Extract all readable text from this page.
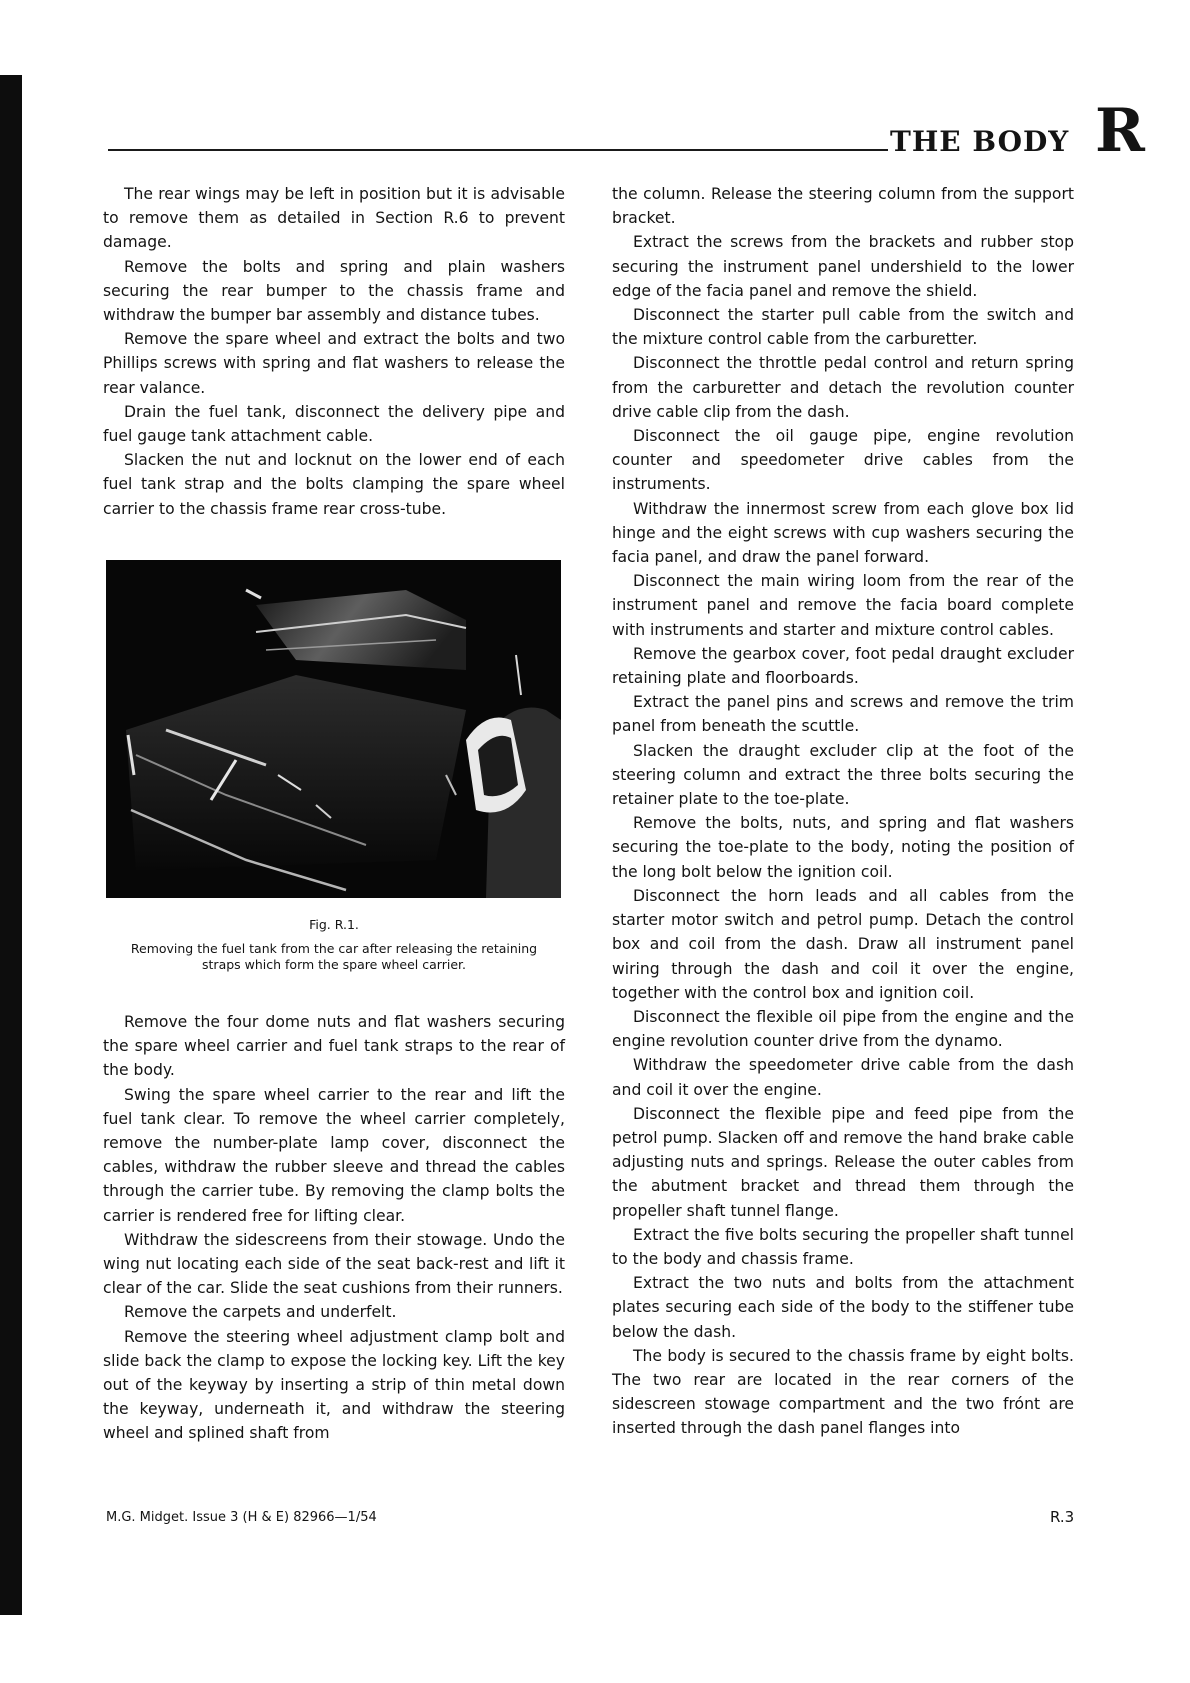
THE BODY R

The rear wings may be left in position but it is advisable to remove them as detailed in Section R.6 to prevent damage.

Remove the bolts and spring and plain washers securing the rear bumper to the chassis frame and withdraw the bumper bar assembly and distance tubes.

Remove the spare wheel and extract the bolts and two Phillips screws with spring and flat washers to release the rear valance.

Drain the fuel tank, disconnect the delivery pipe and fuel gauge tank attachment cable.

Slacken the nut and locknut on the lower end of each fuel tank strap and the bolts clamping the spare wheel carrier to the chassis frame rear cross-tube.

Fig. R.1.
Removing the fuel tank from the car after releasing the retaining straps which form the spare wheel carrier.

Remove the four dome nuts and flat washers securing the spare wheel carrier and fuel tank straps to the rear of the body.

Swing the spare wheel carrier to the rear and lift the fuel tank clear. To remove the wheel carrier completely, remove the number-plate lamp cover, disconnect the cables, withdraw the rubber sleeve and thread the cables through the carrier tube. By removing the clamp bolts the carrier is rendered free for lifting clear.

Withdraw the sidescreens from their stowage. Undo the wing nut locating each side of the seat back-rest and lift it clear of the car. Slide the seat cushions from their runners.

Remove the carpets and underfelt.

Remove the steering wheel adjustment clamp bolt and slide back the clamp to expose the locking key. Lift the key out of the keyway by inserting a strip of thin metal down the keyway, underneath it, and withdraw the steering wheel and splined shaft from

the column. Release the steering column from the support bracket.

Extract the screws from the brackets and rubber stop securing the instrument panel undershield to the lower edge of the facia panel and remove the shield.

Disconnect the starter pull cable from the switch and the mixture control cable from the carburetter.

Disconnect the throttle pedal control and return spring from the carburetter and detach the revolution counter drive cable clip from the dash.

Disconnect the oil gauge pipe, engine revolution counter and speedometer drive cables from the instruments.

Withdraw the innermost screw from each glove box lid hinge and the eight screws with cup washers securing the facia panel, and draw the panel forward.

Disconnect the main wiring loom from the rear of the instrument panel and remove the facia board complete with instruments and starter and mixture control cables.

Remove the gearbox cover, foot pedal draught excluder retaining plate and floorboards.

Extract the panel pins and screws and remove the trim panel from beneath the scuttle.

Slacken the draught excluder clip at the foot of the steering column and extract the three bolts securing the retainer plate to the toe-plate.

Remove the bolts, nuts, and spring and flat washers securing the toe-plate to the body, noting the position of the long bolt below the ignition coil.

Disconnect the horn leads and all cables from the starter motor switch and petrol pump. Detach the control box and coil from the dash. Draw all instrument panel wiring through the dash and coil it over the engine, together with the control box and ignition coil.

Disconnect the flexible oil pipe from the engine and the engine revolution counter drive from the dynamo.

Withdraw the speedometer drive cable from the dash and coil it over the engine.

Disconnect the flexible pipe and feed pipe from the petrol pump. Slacken off and remove the hand brake cable adjusting nuts and springs. Release the outer cables from the abutment bracket and thread them through the propeller shaft tunnel flange.

Extract the five bolts securing the propeller shaft tunnel to the body and chassis frame.

Extract the two nuts and bolts from the attachment plates securing each side of the body to the stiffener tube below the dash.

The body is secured to the chassis frame by eight bolts. The two rear are located in the rear corners of the sidescreen stowage compartment and the two frónt are inserted through the dash panel flanges into

M.G. Midget. Issue 3 (H & E) 82966—1/54	R.3
